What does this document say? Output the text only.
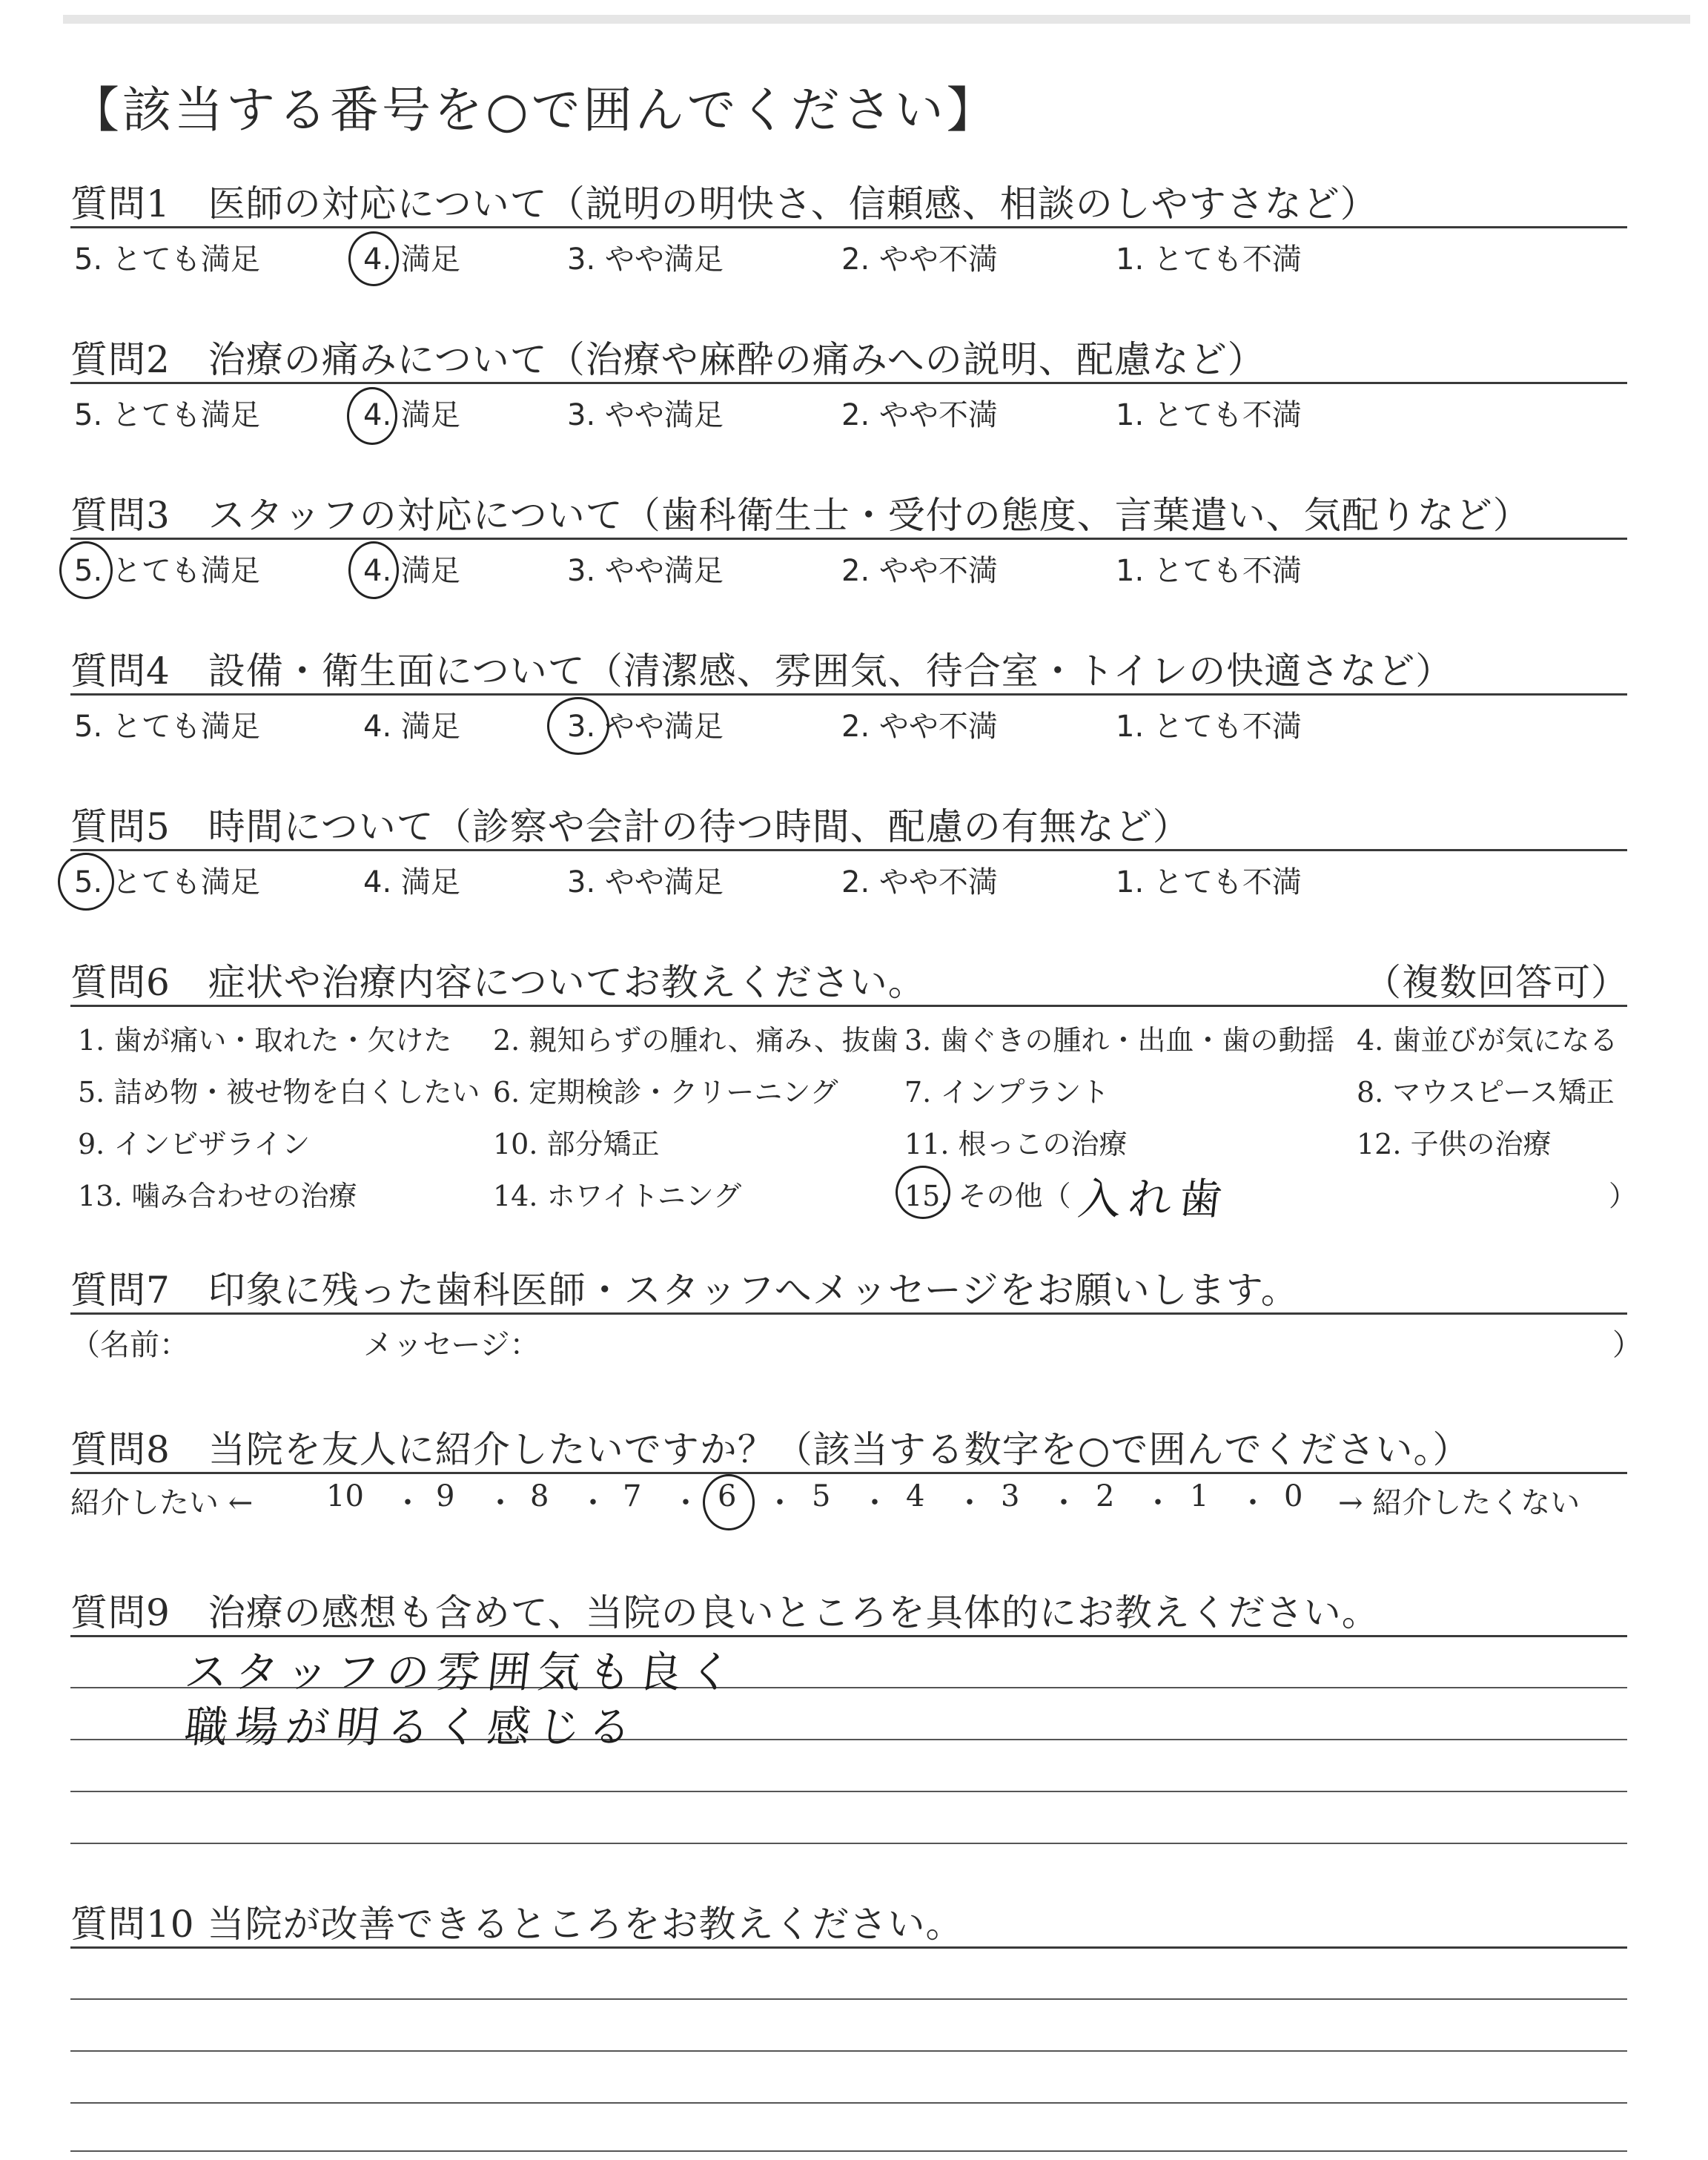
【該当する番号を○で囲んでください】
質問1　医師の対応について（説明の明快さ、信頼感、相談のしやすさなど）
5. とても満足	4. 満足	3. やや満足	2. やや不満	1. とても不満
質問2　治療の痛みについて（治療や麻酔の痛みへの説明、配慮など）
5. とても満足	4. 満足	3. やや満足	2. やや不満	1. とても不満
質問3　スタッフの対応について（歯科衛生士・受付の態度、言葉遣い、気配りなど）
5. とても満足	4. 満足	3. やや満足	2. やや不満	1. とても不満
質問4　設備・衛生面について（清潔感、雰囲気、待合室・トイレの快適さなど）
5. とても満足	4. 満足	3. やや満足	2. やや不満	1. とても不満
質問5　時間について（診察や会計の待つ時間、配慮の有無など）
5. とても満足	4. 満足	3. やや満足	2. やや不満	1. とても不満
質問6　症状や治療内容についてお教えください。	（複数回答可）
1. 歯が痛い・取れた・欠けた 2. 親知らずの腫れ、痛み、抜歯 3. 歯ぐきの腫れ・出血・歯の動揺 4. 歯並びが気になる
5. 詰め物・被せ物を白くしたい 6. 定期検診・クリーニング 7. インプラント	8. マウスピース矯正
9. インビザライン	10. 部分矯正	11. 根っこの治療	12. 子供の治療
13. 噛み合わせの治療	14. ホワイトニング	15. その他（ 入れ歯	）
質問7　印象に残った歯科医師・スタッフへメッセージをお願いします。
（名前：	メッセージ：	）
質問8　当院を友人に紹介したいですか？（該当する数字を○で囲んでください。）
紹介したい ← 10 ・ 9 ・ 8 ・ 7 ・ 6 ・ 5 ・ 4 ・ 3 ・ 2 ・ 1 ・ 0 → 紹介したくない
質問9　治療の感想も含めて、当院の良いところを具体的にお教えください。
スタッフの雰囲気も良く
職場が明るく感じる
質問10 当院が改善できるところをお教えください。
